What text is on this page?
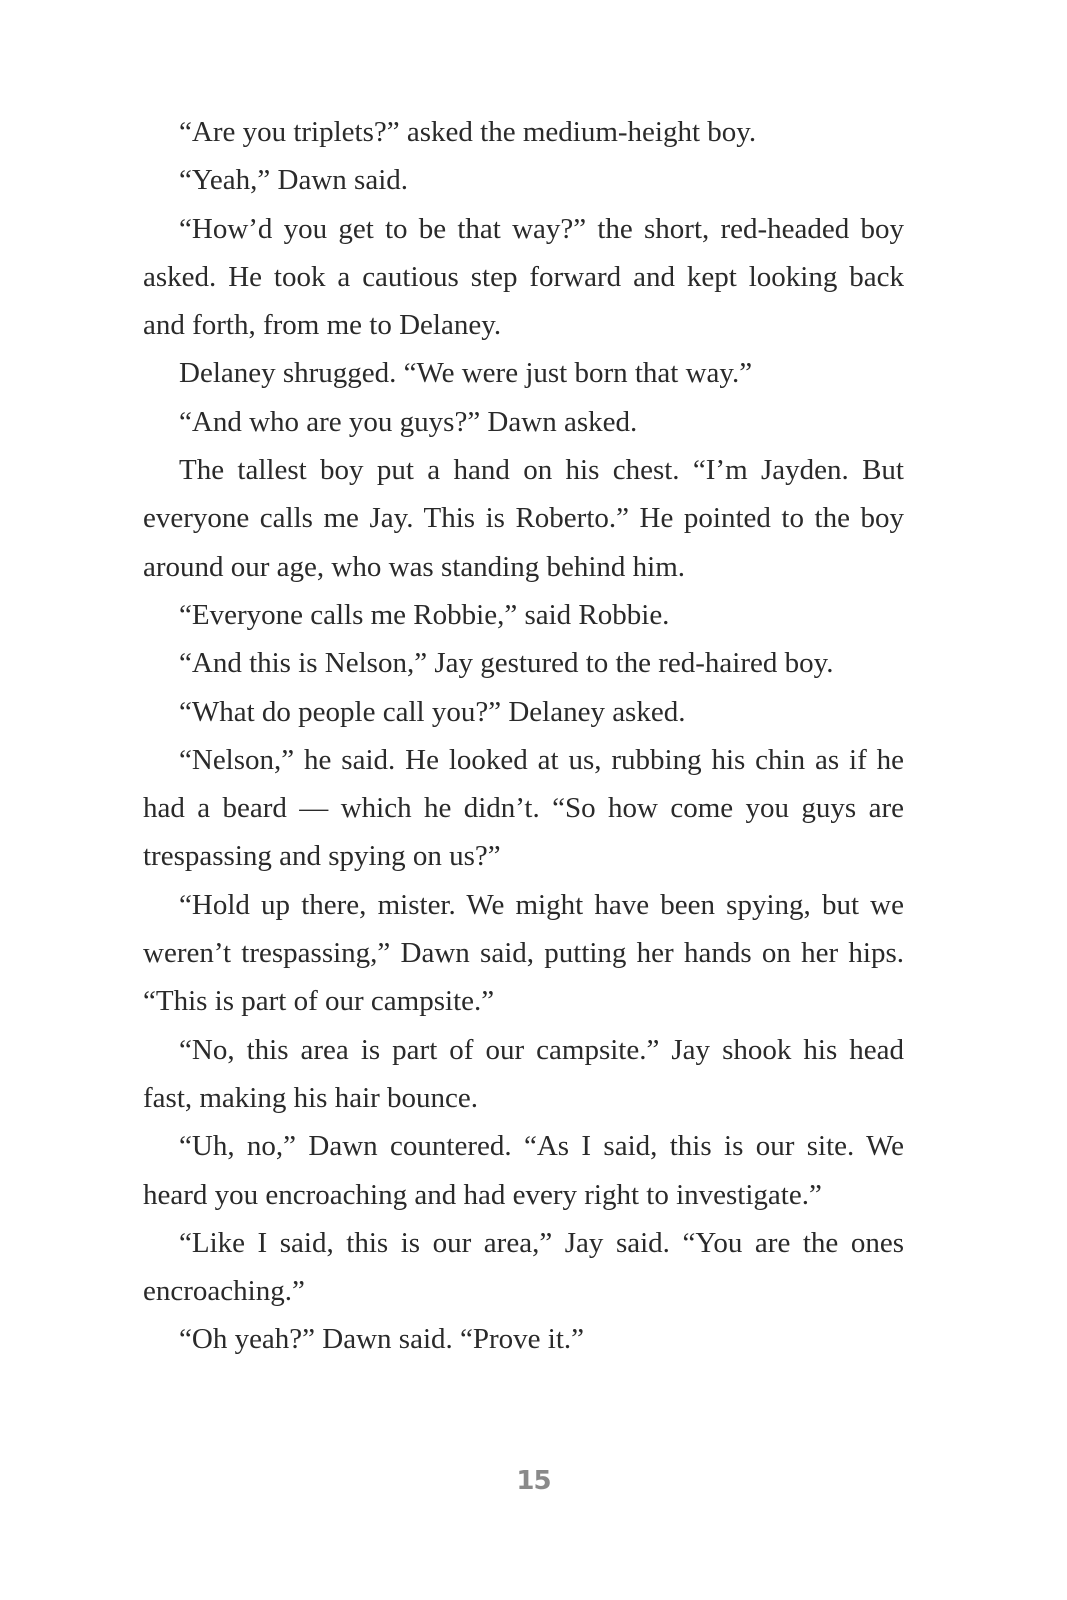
“Are you triplets?” asked the medium-height boy.

“Yeah,” Dawn said.

“How’d you get to be that way?” the short, red-headed boy asked. He took a cautious step forward and kept looking back and forth, from me to Delaney.

Delaney shrugged. “We were just born that way.”

“And who are you guys?” Dawn asked.

The tallest boy put a hand on his chest. “I’m Jayden. But everyone calls me Jay. This is Roberto.” He pointed to the boy around our age, who was standing behind him.

“Everyone calls me Robbie,” said Robbie.

“And this is Nelson,” Jay gestured to the red-haired boy.

“What do people call you?” Delaney asked.

“Nelson,” he said. He looked at us, rubbing his chin as if he had a beard — which he didn’t. “So how come you guys are trespassing and spying on us?”

“Hold up there, mister. We might have been spying, but we weren’t trespassing,” Dawn said, putting her hands on her hips. “This is part of our campsite.”

“No, this area is part of our campsite.” Jay shook his head fast, making his hair bounce.

“Uh, no,” Dawn countered. “As I said, this is our site. We heard you encroaching and had every right to investigate.”

“Like I said, this is our area,” Jay said. “You are the ones encroaching.”

“Oh yeah?” Dawn said. “Prove it.”

15
